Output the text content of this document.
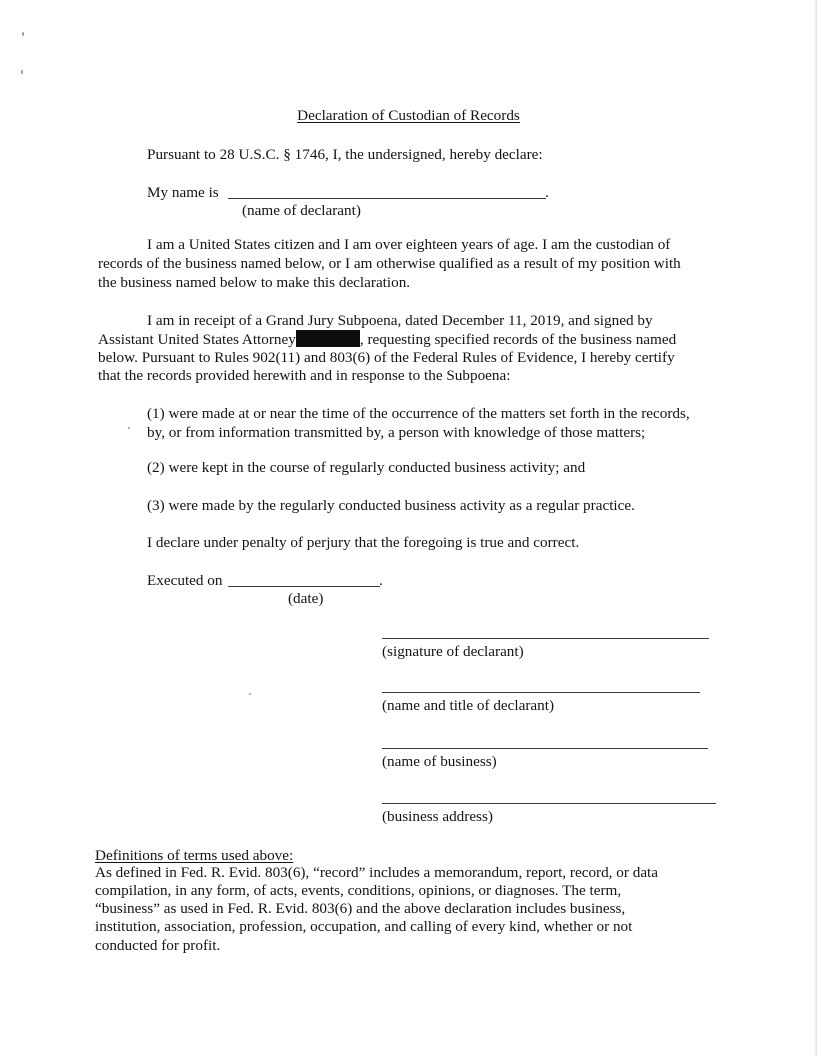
Declaration of Custodian of Records
Pursuant to 28 U.S.C. § 1746, I, the undersigned, hereby declare:
My name is	.
(name of declarant)
I am a United States citizen and I am over eighteen years of age. I am the custodian of
records of the business named below, or I am otherwise qualified as a result of my position with
the business named below to make this declaration.
I am in receipt of a Grand Jury Subpoena, dated December 11, 2019, and signed by
Assistant United States Attorney	, requesting specified records of the business named
below. Pursuant to Rules 902(11) and 803(6) of the Federal Rules of Evidence, I hereby certify
that the records provided herewith and in response to the Subpoena:
(1) were made at or near the time of the occurrence of the matters set forth in the records,
by, or from information transmitted by, a person with knowledge of those matters;
(2) were kept in the course of regularly conducted business activity; and
(3) were made by the regularly conducted business activity as a regular practice.
I declare under penalty of perjury that the foregoing is true and correct.
Executed on	.
(date)
(signature of declarant)
(name and title of declarant)
(name of business)
(business address)
Definitions of terms used above:
As defined in Fed. R. Evid. 803(6), “record” includes a memorandum, report, record, or data
compilation, in any form, of acts, events, conditions, opinions, or diagnoses. The term,
“business” as used in Fed. R. Evid. 803(6) and the above declaration includes business,
institution, association, profession, occupation, and calling of every kind, whether or not
conducted for profit.
